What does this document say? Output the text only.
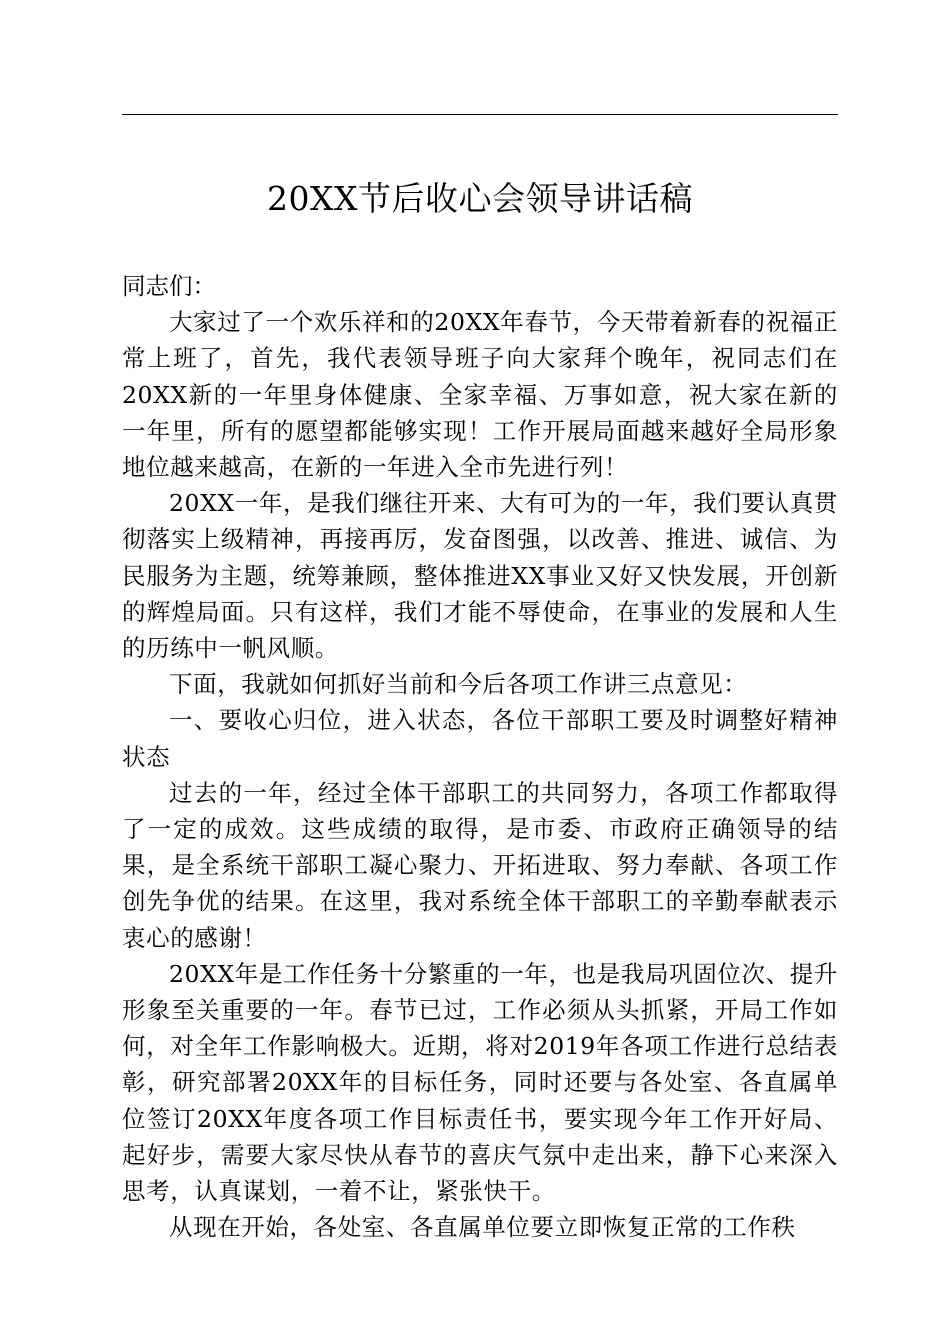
20XX节后收心会领导讲话稿

同志们：

大家过了一个欢乐祥和的20XX年春节，今天带着新春的祝福正常上班了，首先，我代表领导班子向大家拜个晚年，祝同志们在20XX新的一年里身体健康、全家幸福、万事如意，祝大家在新的一年里，所有的愿望都能够实现！工作开展局面越来越好全局形象地位越来越高，在新的一年进入全市先进行列！

20XX一年，是我们继往开来、大有可为的一年，我们要认真贯彻落实上级精神，再接再厉，发奋图强，以改善、推进、诚信、为民服务为主题，统筹兼顾，整体推进XX事业又好又快发展，开创新的辉煌局面。只有这样，我们才能不辱使命，在事业的发展和人生的历练中一帆风顺。

下面，我就如何抓好当前和今后各项工作讲三点意见：

一、要收心归位，进入状态，各位干部职工要及时调整好精神状态

过去的一年，经过全体干部职工的共同努力，各项工作都取得了一定的成效。这些成绩的取得，是市委、市政府正确领导的结果，是全系统干部职工凝心聚力、开拓进取、努力奉献、各项工作创先争优的结果。在这里，我对系统全体干部职工的辛勤奉献表示衷心的感谢！

20XX年是工作任务十分繁重的一年，也是我局巩固位次、提升形象至关重要的一年。春节已过，工作必须从头抓紧，开局工作如何，对全年工作影响极大。近期，将对2019年各项工作进行总结表彰，研究部署20XX年的目标任务，同时还要与各处室、各直属单位签订20XX年度各项工作目标责任书，要实现今年工作开好局、起好步，需要大家尽快从春节的喜庆气氛中走出来，静下心来深入思考，认真谋划，一着不让，紧张快干。

从现在开始，各处室、各直属单位要立即恢复正常的工作秩
